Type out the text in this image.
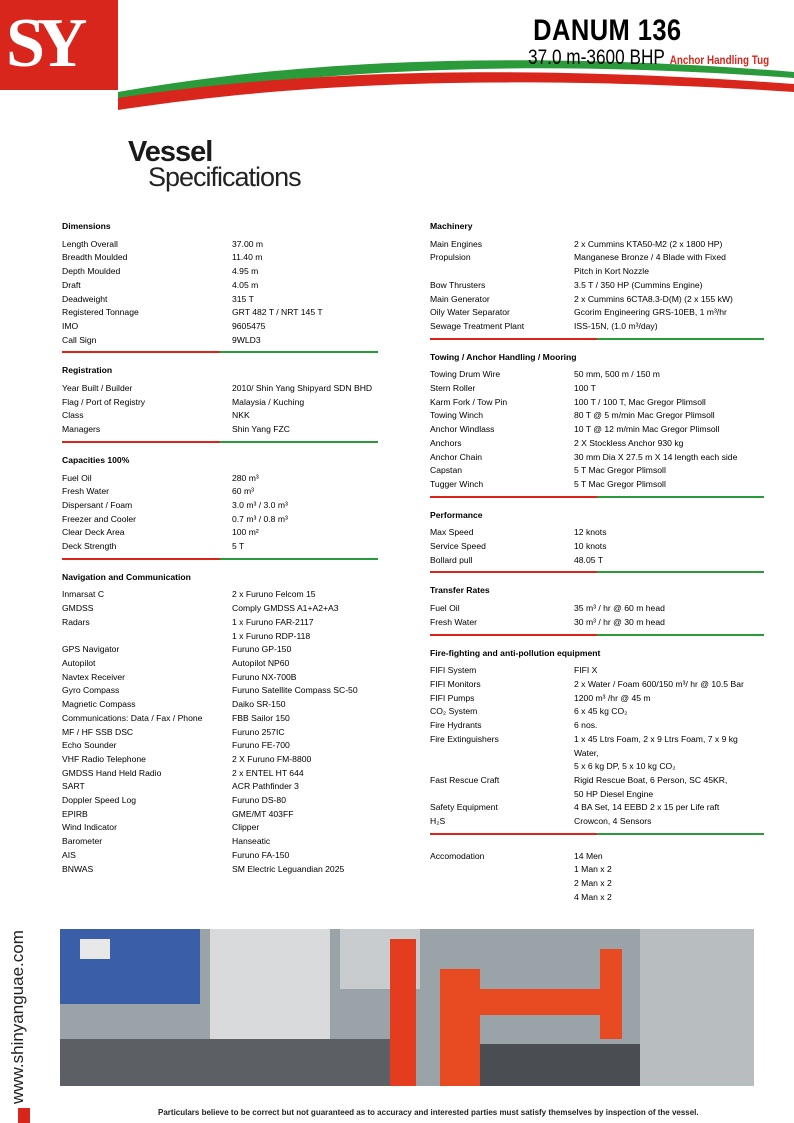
SY	DANUM 136
37.0 m-3600 BHP Anchor Handling Tug
Vessel
Specifications
Dimensions
Length Overall	37.00 m
Breadth Moulded	11.40 m
Depth Moulded	4.95 m
Draft	4.05 m
Deadweight	315 T
Registered Tonnage	GRT 482 T / NRT 145 T
IMO	9605475
Call Sign	9WLD3
Registration
Year Built / Builder	2010/ Shin Yang Shipyard SDN BHD
Flag / Port of Registry	Malaysia / Kuching
Class	NKK
Managers	Shin Yang FZC
Capacities 100%
Fuel Oil	280 m³
Fresh Water	60 m³
Dispersant / Foam	3.0 m³ / 3.0 m³
Freezer and Cooler	0.7 m³ / 0.8 m³
Clear Deck Area	100 m²
Deck Strength	5 T
Navigation and Communication
Inmarsat C	2 x Furuno Felcom 15
GMDSS	Comply GMDSS A1+A2+A3
Radars	1 x Furuno FAR-2117
1 x Furuno RDP-118
GPS Navigator	Furuno GP-150
Autopilot	Autopilot NP60
Navtex Receiver	Furuno NX-700B
Gyro Compass	Furuno Satellite Compass SC-50
Magnetic Compass	Daiko SR-150
Communications: Data / Fax / Phone	FBB Sailor 150
MF / HF SSB DSC	Furuno 257IC
Echo Sounder	Furuno FE-700
VHF Radio Telephone	2 X Furuno FM-8800
GMDSS Hand Held Radio	2 x ENTEL HT 644
SART	ACR Pathfinder 3
Doppler Speed Log	Furuno DS-80
EPIRB	GME/MT 403FF
Wind Indicator	Clipper
Barometer	Hanseatic
AIS	Furuno FA-150
BNWAS	SM Electric Leguandian 2025
Machinery
Main Engines	2 x Cummins KTA50-M2 (2 x 1800 HP)
Propulsion	Manganese Bronze / 4 Blade with Fixed
Pitch in Kort Nozzle
Bow Thrusters	3.5 T / 350 HP (Cummins Engine)
Main Generator	2 x Cummins 6CTA8.3-D(M) (2 x 155 kW)
Oily Water Separator	Gcorim Engineering GRS-10EB, 1 m³/hr
Sewage Treatment Plant	ISS-15N, (1.0 m³/day)
Towing / Anchor Handling / Mooring
Towing Drum Wire	50 mm, 500 m / 150 m
Stern Roller	100 T
Karm Fork / Tow Pin	100 T / 100 T, Mac Gregor Plimsoll
Towing Winch	80 T @ 5 m/min Mac Gregor Plimsoll
Anchor Windlass	10 T @ 12 m/min Mac Gregor Plimsoll
Anchors	2 X Stockless Anchor 930 kg
Anchor Chain	30 mm Dia X 27.5 m X 14 length each side
Capstan	5 T Mac Gregor Plimsoll
Tugger Winch	5 T Mac Gregor Plimsoll
Performance
Max Speed	12 knots
Service Speed	10 knots
Bollard pull	48.05 T
Transfer Rates
Fuel Oil	35 m³ / hr @ 60 m head
Fresh Water	30 m³ / hr @ 30 m head
Fire-fighting and anti-pollution equipment
FIFI System	FIFI X
FIFI Monitors	2 x Water / Foam 600/150 m³/ hr @ 10.5 Bar
FIFI Pumps	1200 m³ /hr @ 45 m
CO₂ System	6 x 45 kg CO₂
Fire Hydrants	6 nos.
Fire Extinguishers	1 x 45 Ltrs Foam, 2 x 9 Ltrs Foam, 7 x 9 kg Water,
5 x 6 kg DP, 5 x 10 kg CO₂
Fast Rescue Craft	Rigid Rescue Boat, 6 Person, SC 45KR,
50 HP Diesel Engine
Safety Equipment	4 BA Set, 14 EEBD 2 x 15 per Life raft
H₂S	Crowcon, 4 Sensors
Accomodation	14 Men
1 Man x 2
2 Man x 2
4 Man x 2
www.shinyanguae.com
Particulars believe to be correct but not guaranteed as to accuracy and interested parties must satisfy themselves by inspection of the vessel.
